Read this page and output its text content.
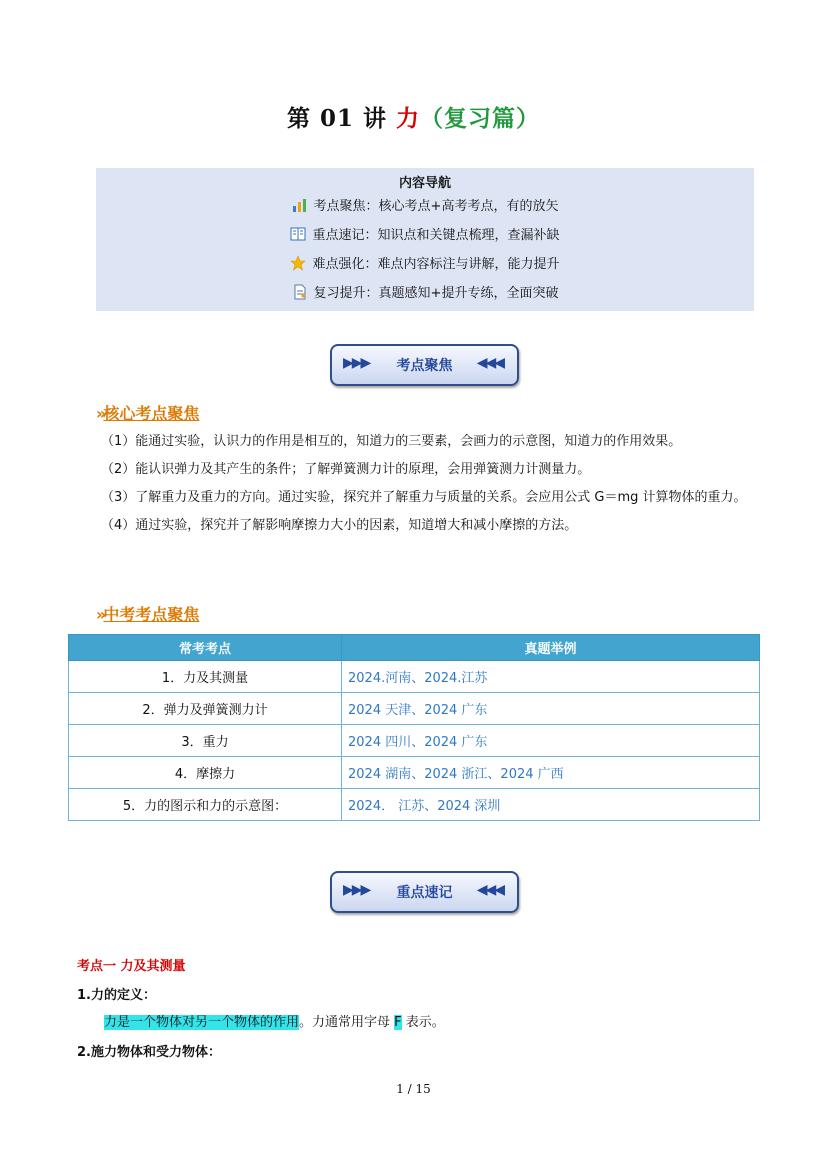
第 01 讲 力（复习篇）
内容导航
考点聚焦：核心考点+高考考点，有的放矢
重点速记：知识点和关键点梳理，查漏补缺
难点强化：难点内容标注与讲解，能力提升
复习提升：真题感知+提升专练，全面突破
▶▶▶	考点聚焦	◀◀◀
»核心考点聚焦
（1）能通过实验，认识力的作用是相互的，知道力的三要素，会画力的示意图，知道力的作用效果。
（2）能认识弹力及其产生的条件；了解弹簧测力计的原理，会用弹簧测力计测量力。
（3）了解重力及重力的方向。通过实验，探究并了解重力与质量的关系。会应用公式 G＝mg 计算物体的重力。
（4）通过实验，探究并了解影响摩擦力大小的因素，知道增大和减小摩擦的方法。
»中考考点聚焦
常考考点	真题举例
1．力及其测量	2024.河南、2024.江苏
2．弹力及弹簧测力计	2024 天津、2024 广东
3．重力	2024 四川、2024 广东
4．摩擦力	2024 湖南、2024 浙江、2024 广西
5．力的图示和力的示意图：	2024． 江苏、2024 深圳
▶▶▶	重点速记	◀◀◀
考点一 力及其测量
1.力的定义：
力是一个物体对另一个物体的作用。力通常用字母 F 表示。
2.施力物体和受力物体：
1 / 15
